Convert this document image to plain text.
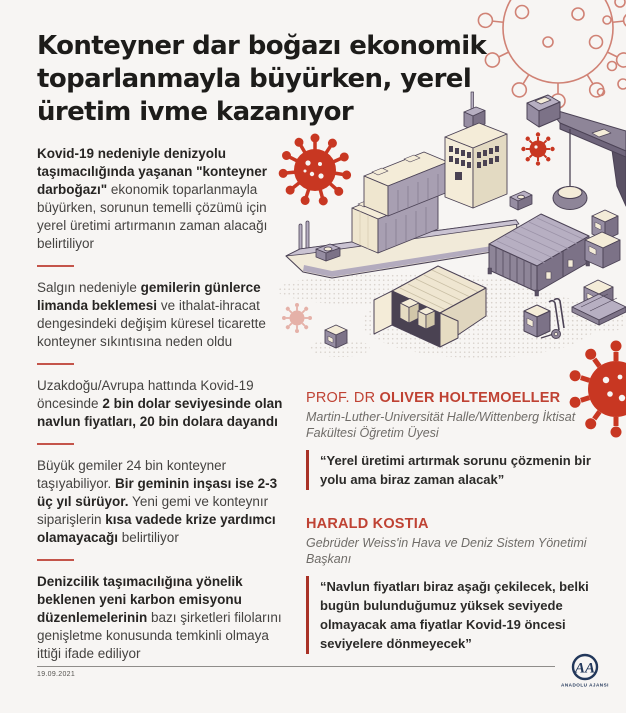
Konteyner dar boğazı ekonomik toparlanmayla büyürken, yerel üretim ivme kazanıyor

Kovid-19 nedeniyle denizyolu taşımacılığında yaşanan "konteyner darboğazı" ekonomik toparlanmayla büyürken, sorunun temelli çözümü için yerel üretimi artırmanın zaman alacağı belirtiliyor

Salgın nedeniyle gemilerin günlerce limanda beklemesi ve ithalat-ihracat dengesindeki değişim küresel ticarette konteyner sıkıntısına neden oldu

Uzakdoğu/Avrupa hattında Kovid-19 öncesinde 2 bin dolar seviyesinde olan navlun fiyatları, 20 bin dolara dayandı

Büyük gemiler 24 bin konteyner taşıyabiliyor. Bir geminin inşası ise 2-3 üç yıl sürüyor. Yeni gemi ve konteynır siparişlerin kısa vadede krize yardımcı olamayacağı belirtiliyor

Denizcilik taşımacılığına yönelik beklenen yeni karbon emisyonu düzenlemelerinin bazı şirketleri filolarını genişletme konusunda temkinli olmaya ittiği ifade ediliyor

PROF. DR OLIVER HOLTEMOELLER
Martin-Luther-Universität Halle/Wittenberg İktisat Fakültesi Öğretim Üyesi

“Yerel üretimi artırmak sorunu çözmenin bir yolu ama biraz zaman alacak”

HARALD KOSTIA
Gebrüder Weiss'in Hava ve Deniz Sistem Yönetimi Başkanı

“Navlun fiyatları biraz aşağı çekilecek, belki bugün bulunduğumuz yüksek seviyede olmayacak ama fiyatlar Kovid-19 öncesi seviyelere dönmeyecek”

19.09.2021	AA
ANADOLU AJANSI
